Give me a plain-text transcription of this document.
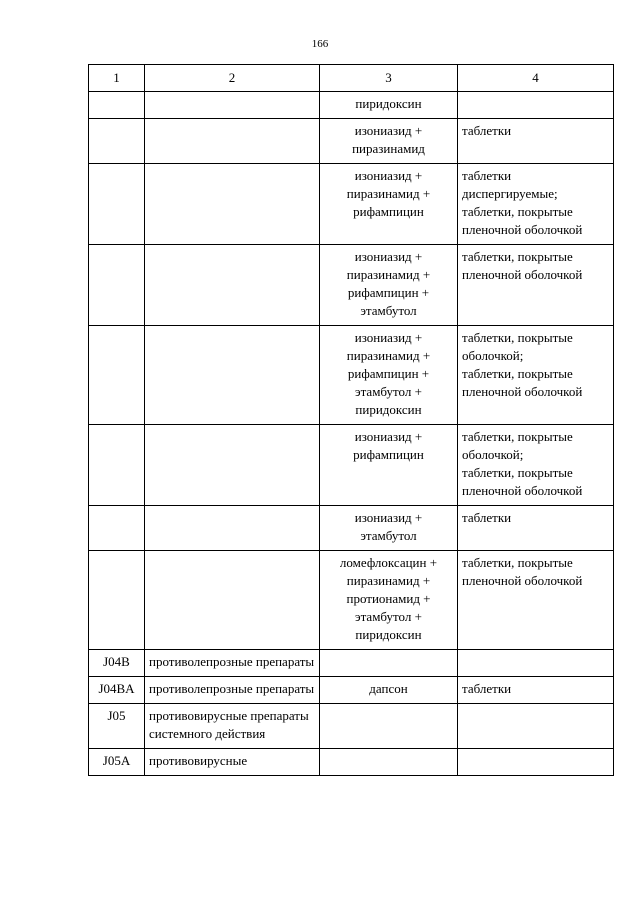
166
1	2	3	4
		пиридоксин	
		изониазид +
пиразинамид	таблетки
		изониазид +
пиразинамид +
рифампицин	таблетки
диспергируемые;
таблетки, покрытые
пленочной оболочкой
		изониазид +
пиразинамид +
рифампицин +
этамбутол	таблетки, покрытые
пленочной оболочкой
		изониазид +
пиразинамид +
рифампицин +
этамбутол +
пиридоксин	таблетки, покрытые
оболочкой;
таблетки, покрытые
пленочной оболочкой
		изониазид +
рифампицин	таблетки, покрытые
оболочкой;
таблетки, покрытые
пленочной оболочкой
		изониазид +
этамбутол	таблетки
		ломефлоксацин +
пиразинамид +
протионамид +
этамбутол +
пиридоксин	таблетки, покрытые
пленочной оболочкой
J04B	противолепрозные препараты		
J04BA	противолепрозные препараты	дапсон	таблетки
J05	противовирусные препараты системного действия		
J05A	противовирусные		
